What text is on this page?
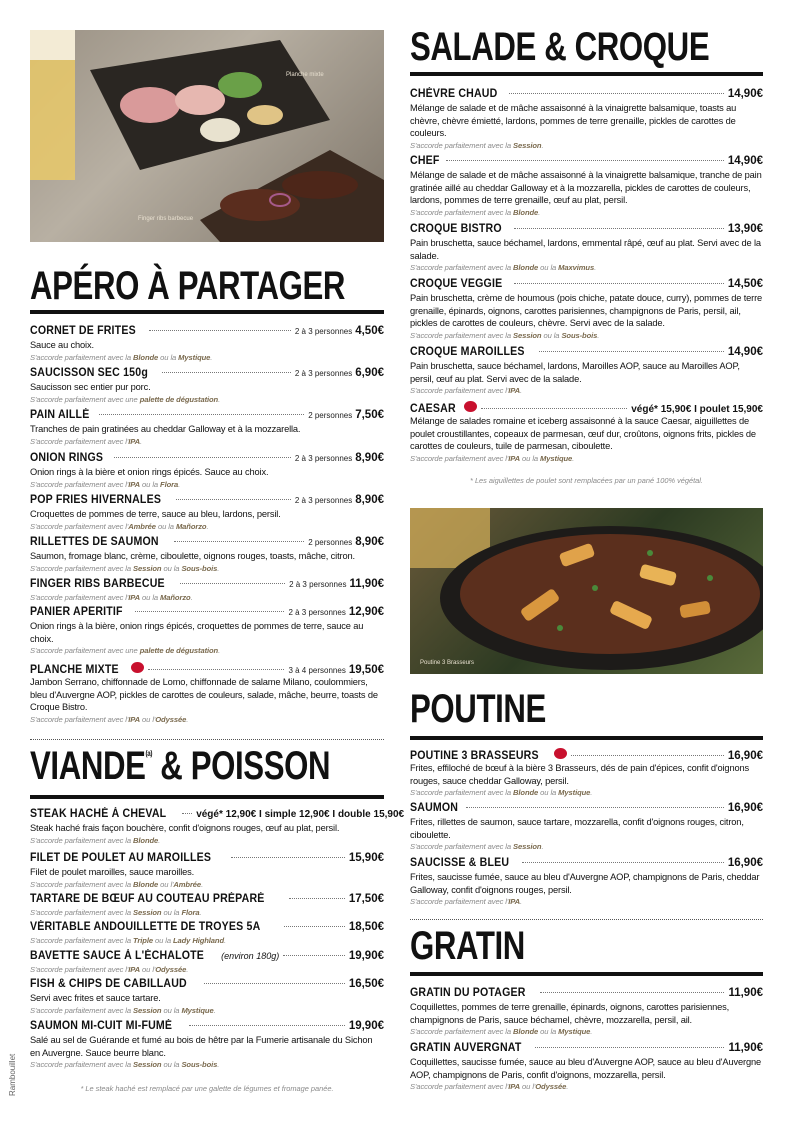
Planche mixte
Finger ribs barbecue
APÉRO À PARTAGER
CORNET DE FRITES	2 à 3 personnes 4,50€
Sauce au choix.
S'accorde parfaitement avec la Blonde ou la Mystique.
SAUCISSON SEC 150g	2 à 3 personnes 6,90€
Saucisson sec entier pur porc.
S'accorde parfaitement avec une palette de dégustation.
PAIN AILLÉ	2 personnes 7,50€
Tranches de pain gratinées au cheddar Galloway et à la mozzarella.
S'accorde parfaitement avec l'IPA.
ONION RINGS	2 à 3 personnes 8,90€
Onion rings à la bière et onion rings épicés. Sauce au choix.
S'accorde parfaitement avec l'IPA ou la Flora.
POP FRIES HIVERNALES	2 à 3 personnes 8,90€
Croquettes de pommes de terre, sauce au bleu, lardons, persil.
S'accorde parfaitement avec l'Ambrée ou la Mañorzo.
RILLETTES DE SAUMON	2 personnes 8,90€
Saumon, fromage blanc, crème, ciboulette, oignons rouges, toasts, mâche, citron.
S'accorde parfaitement avec la Session ou la Sous-bois.
FINGER RIBS BARBECUE	2 à 3 personnes 11,90€
S'accorde parfaitement avec l'IPA ou la Mañorzo.
PANIER APERITIF	2 à 3 personnes 12,90€
Onion rings à la bière, onion rings épicés, croquettes de pommes de terre, sauce au choix.
S'accorde parfaitement avec une palette de dégustation.
PLANCHE MIXTE	3 à 4 personnes 19,50€
Jambon Serrano, chiffonnade de Lomo, chiffonnade de salame Milano, coulommiers, bleu d'Auvergne AOP, pickles de carottes de couleurs, salade, mâche, beurre, toasts de Croque Bistro.
S'accorde parfaitement avec l'IPA ou l'Odyssée.
VIANDE$^{(a)}$ & POISSON
STEAK HACHÉ À CHEVAL	végé* 12,90€ I simple 12,90€ I double 15,90€
Steak haché frais façon bouchère, confit d'oignons rouges, œuf au plat, persil.
S'accorde parfaitement avec la Blonde.
FILET DE POULET AU MAROILLES	15,90€
Filet de poulet maroilles, sauce maroilles.
S'accorde parfaitement avec la Blonde ou l'Ambrée.
TARTARE DE BŒUF AU COUTEAU PRÉPARÉ	17,50€
S'accorde parfaitement avec la Session ou la Flora.
VÉRITABLE ANDOUILLETTE DE TROYES 5A	18,50€
S'accorde parfaitement avec la Triple ou la Lady Highland.
BAVETTE SAUCE À L'ÉCHALOTE (environ 180g)	19,90€
S'accorde parfaitement avec l'IPA ou l'Odyssée.
FISH & CHIPS DE CABILLAUD	16,50€
Servi avec frites et sauce tartare.
S'accorde parfaitement avec la Session ou la Mystique.
SAUMON MI-CUIT MI-FUMÉ	19,90€
Salé au sel de Guérande et fumé au bois de hêtre par la Fumerie artisanale du Sichon en Auvergne. Sauce beurre blanc.
S'accorde parfaitement avec la Session ou la Sous-bois.
* Le steak haché est remplacé par une galette de légumes et fromage panée.
SALADE & CROQUE
CHÈVRE CHAUD	14,90€
Mélange de salade et de mâche assaisonné à la vinaigrette balsamique, toasts au chèvre, chèvre émietté, lardons, pommes de terre grenaille, pickles de carottes de couleurs.
S'accorde parfaitement avec la Session.
CHEF	14,90€
Mélange de salade et de mâche assaisonné à la vinaigrette balsamique, tranche de pain gratinée aillé au cheddar Galloway et à la mozzarella, pickles de carottes de couleurs, lardons, pommes de terre grenaille, œuf au plat, persil.
S'accorde parfaitement avec la Blonde.
CROQUE BISTRO	13,90€
Pain bruschetta, sauce béchamel, lardons, emmental râpé, œuf au plat. Servi avec de la salade.
S'accorde parfaitement avec la Blonde ou la Maxvimus.
CROQUE VEGGIE	14,50€
Pain bruschetta, crème de houmous (pois chiche, patate douce, curry), pommes de terre grenaille, épinards, oignons, carottes parisiennes, champignons de Paris, persil, ail, pickles de carottes de couleurs, chèvre. Servi avec de la salade.
S'accorde parfaitement avec la Session ou la Sous-bois.
CROQUE MAROILLES	14,90€
Pain bruschetta, sauce béchamel, lardons, Maroilles AOP, sauce au Maroilles AOP, persil, œuf au plat. Servi avec de la salade.
S'accorde parfaitement avec l'IPA.
CAESAR	végé* 15,90€ I poulet 15,90€
Mélange de salades romaine et iceberg assaisonné à la sauce Caesar, aiguillettes de poulet croustillantes, copeaux de parmesan, œuf dur, croûtons, oignons frits, pickles de carottes de couleurs, tuile de parmesan, ciboulette.
S'accorde parfaitement avec l'IPA ou la Mystique.
* Les aiguillettes de poulet sont remplacées par un pané 100% végétal.
Poutine 3 Brasseurs
POUTINE
POUTINE 3 BRASSEURS	16,90€
Frites, effiloché de bœuf à la bière 3 Brasseurs, dés de pain d'épices, confit d'oignons rouges, sauce cheddar Galloway, persil.
S'accorde parfaitement avec la Blonde ou la Mystique.
SAUMON	16,90€
Frites, rillettes de saumon, sauce tartare, mozzarella, confit d'oignons rouges, citron, ciboulette.
S'accorde parfaitement avec la Session.
SAUCISSE & BLEU	16,90€
Frites, saucisse fumée, sauce au bleu d'Auvergne AOP, champignons de Paris, cheddar Galloway, confit d'oignons rouges, persil.
S'accorde parfaitement avec l'IPA.
GRATIN
GRATIN DU POTAGER	11,90€
Coquillettes, pommes de terre grenaille, épinards, oignons, carottes parisiennes, champignons de Paris, sauce béchamel, chèvre, mozzarella, persil, ail.
S'accorde parfaitement avec la Blonde ou la Mystique.
GRATIN AUVERGNAT	11,90€
Coquillettes, saucisse fumée, sauce au bleu d'Auvergne AOP, sauce au bleu d'Auvergne AOP, champignons de Paris, confit d'oignons, mozzarella, persil.
S'accorde parfaitement avec l'IPA ou l'Odyssée.
Rambouillet
